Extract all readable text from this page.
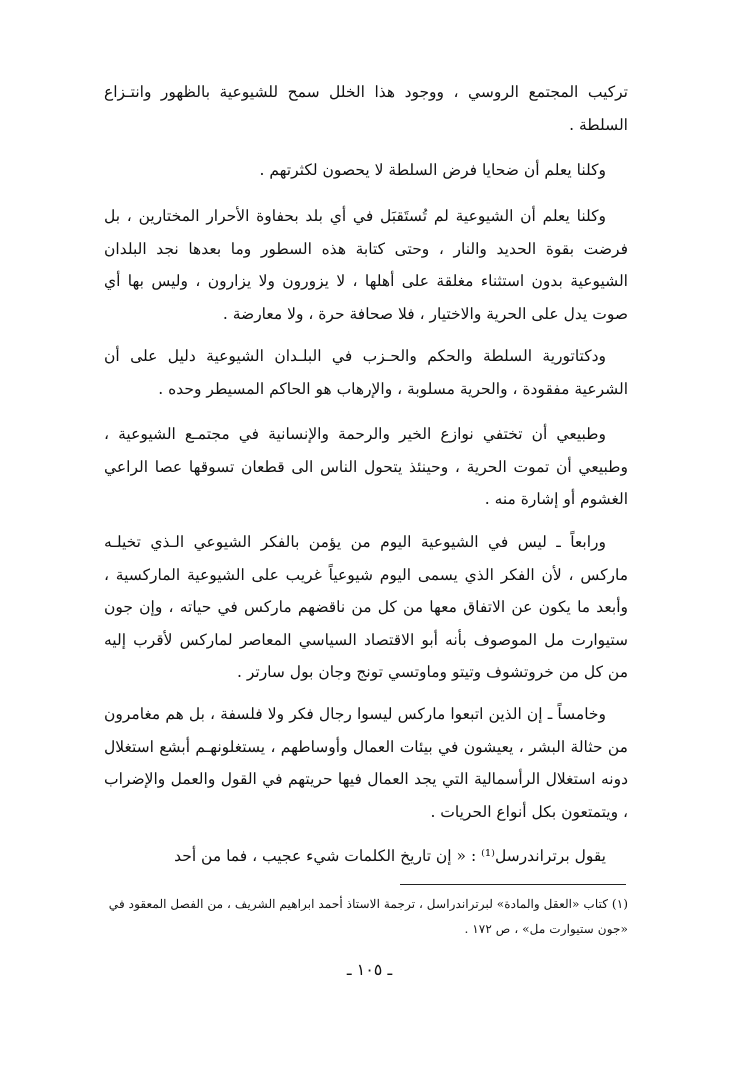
تركيب المجتمع الروسي ، ووجود هذا الخلل سمح للشيوعية بالظهور وانتـزاع السلطة .

وكلنا يعلم أن ضحايا فرض السلطة لا يحصون لكثرتهم .

وكلنا يعلم أن الشيوعية لم تُستَقبَل في أي بلد بحفاوة الأحرار المختارين ، بل فرضت بقوة الحديد والنار ، وحتى كتابة هذه السطور وما بعدها نجد البلدان الشيوعية بدون استثناء مغلقة على أهلها ، لا يزورون ولا يزارون ، وليس بها أي صوت يدل على الحرية والاختيار ، فلا صحافة حرة ، ولا معارضة .

ودكتاتورية السلطة والحكم والحـزب في البلـدان الشيوعية دليل على أن الشرعية مفقودة ، والحرية مسلوبة ، والإرهاب هو الحاكم المسيطر وحده .

وطبيعي أن تختفي نوازع الخير والرحمة والإنسانية في مجتمـع الشيوعية ، وطبيعي أن تموت الحرية ، وحينئذ يتحول الناس الى قطعان تسوقها عصا الراعي الغشوم أو إشارة منه .

ورابعاً ـ ليس في الشيوعية اليوم من يؤمن بالفكر الشيوعي الـذي تخيلـه ماركس ، لأن الفكر الذي يسمى اليوم شيوعياً غريب على الشيوعية الماركسية ، وأبعد ما يكون عن الاتفاق معها من كل من ناقضهم ماركس في حياته ، وإن جون ستيوارت مل الموصوف بأنه أبو الاقتصاد السياسي المعاصر لماركس لأقرب إليه من كل من خروتشوف وتيتو وماوتسي تونج وجان بول سارتر .

وخامساً ـ إن الذين اتبعوا ماركس ليسوا رجال فكر ولا فلسفة ، بل هم مغامرون من حثالة البشر ، يعيشون في بيئات العمال وأوساطهم ، يستغلونهـم أبشع استغلال دونه استغلال الرأسمالية التي يجد العمال فيها حريتهم في القول والعمل والإضراب ، ويتمتعون بكل أنواع الحريات .

يقول برتراندرسل⁽¹⁾ : « إن تاريخ الكلمات شيء عجيب ، فما من أحد

(١) كتاب «العقل والمادة» لبرتراندراسل ، ترجمة الاستاذ أحمد ابراهيم الشريف ، من الفصل المعقود في

«جون ستيوارت مل» ، ص ١٧٢ .

ـ ١٠٥ ـ
